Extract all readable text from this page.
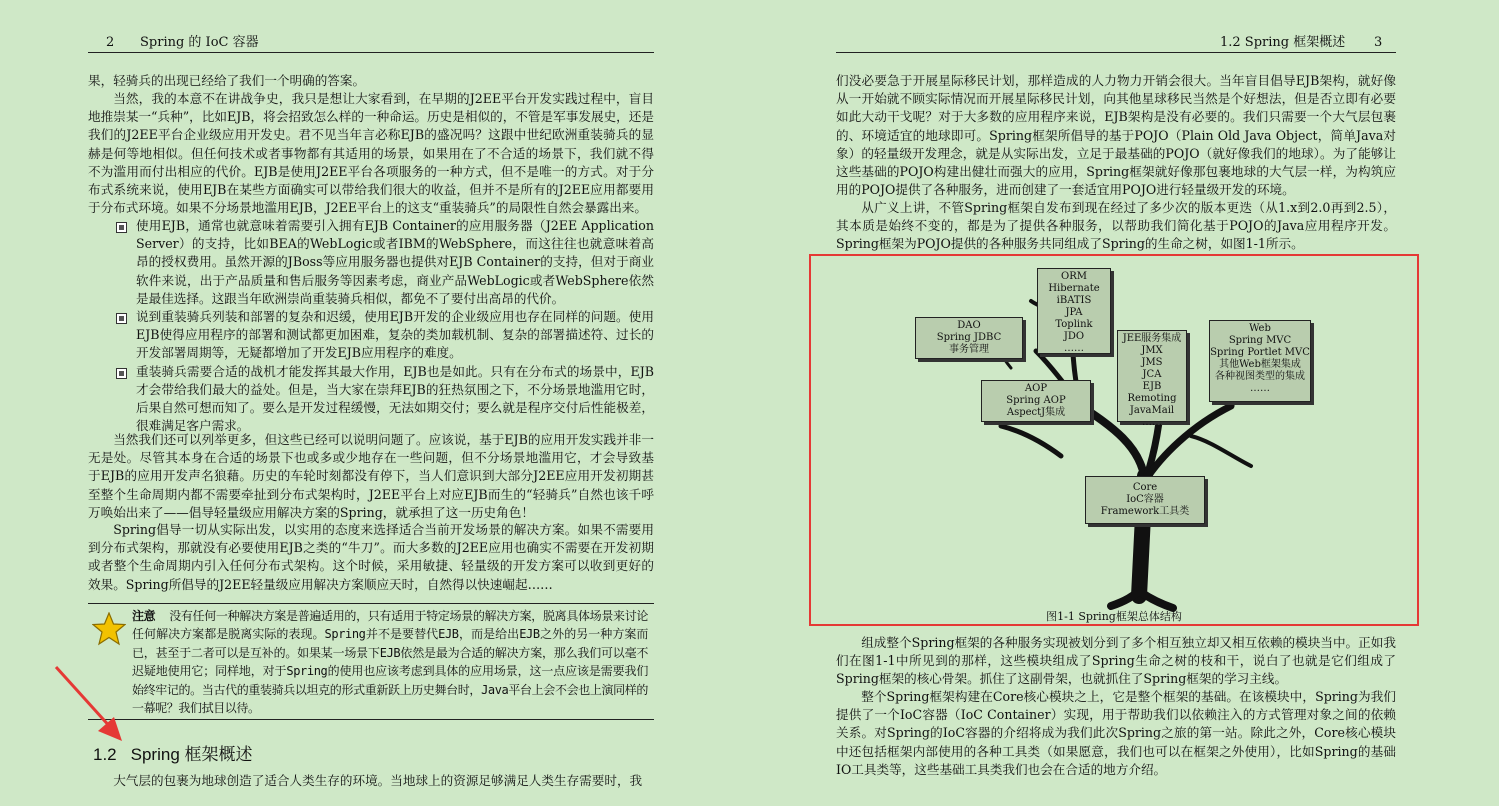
2 Spring 的 IoC 容器

果，轻骑兵的出现已经给了我们一个明确的答案。

当然，我的本意不在讲战争史，我只是想让大家看到，在早期的J2EE平台开发实践过程中，盲目地推崇某一“兵种”，比如EJB，将会招致怎么样的一种命运。历史是相似的，不管是军事发展史，还是我们的J2EE平台企业级应用开发史。君不见当年言必称EJB的盛况吗？这跟中世纪欧洲重装骑兵的显赫是何等地相似。但任何技术或者事物都有其适用的场景，如果用在了不合适的场景下，我们就不得不为滥用而付出相应的代价。EJB是使用J2EE平台各项服务的一种方式，但不是唯一的方式。对于分布式系统来说，使用EJB在某些方面确实可以带给我们很大的收益，但并不是所有的J2EE应用都要用于分布式环境。如果不分场景地滥用EJB，J2EE平台上的这支“重装骑兵”的局限性自然会暴露出来。

使用EJB，通常也就意味着需要引入拥有EJB Container的应用服务器（J2EE Application Server）的支持，比如BEA的WebLogic或者IBM的WebSphere，而这往往也就意味着高昂的授权费用。虽然开源的JBoss等应用服务器也提供对EJB Container的支持，但对于商业软件来说，出于产品质量和售后服务等因素考虑，商业产品WebLogic或者WebSphere依然是最佳选择。这跟当年欧洲崇尚重装骑兵相似，都免不了要付出高昂的代价。
说到重装骑兵列装和部署的复杂和迟缓，使用EJB开发的企业级应用也存在同样的问题。使用EJB使得应用程序的部署和测试都更加困难，复杂的类加载机制、复杂的部署描述符、过长的开发部署周期等，无疑都增加了开发EJB应用程序的难度。
重装骑兵需要合适的战机才能发挥其最大作用，EJB也是如此。只有在分布式的场景中，EJB才会带给我们最大的益处。但是，当大家在崇拜EJB的狂热氛围之下，不分场景地滥用它时，后果自然可想而知了。要么是开发过程缓慢，无法如期交付；要么就是程序交付后性能极差，很难满足客户需求。

当然我们还可以列举更多，但这些已经可以说明问题了。应该说，基于EJB的应用开发实践并非一无是处。尽管其本身在合适的场景下也或多或少地存在一些问题，但不分场景地滥用它，才会导致基于EJB的应用开发声名狼藉。历史的车轮时刻都没有停下，当人们意识到大部分J2EE应用开发初期甚至整个生命周期内都不需要牵扯到分布式架构时，J2EE平台上对应EJB而生的“轻骑兵”自然也该千呼万唤始出来了——倡导轻量级应用解决方案的Spring，就承担了这一历史角色！

Spring倡导一切从实际出发，以实用的态度来选择适合当前开发场景的解决方案。如果不需要用到分布式架构，那就没有必要使用EJB之类的“牛刀”。而大多数的J2EE应用也确实不需要在开发初期或者整个生命周期内引入任何分布式架构。这个时候，采用敏捷、轻量级的开发方案可以收到更好的效果。Spring所倡导的J2EE轻量级应用解决方案顺应天时，自然得以快速崛起……

注意 没有任何一种解决方案是普遍适用的，只有适用于特定场景的解决方案，脱离具体场景来讨论任何解决方案都是脱离实际的表现。Spring并不是要替代EJB，而是给出EJB之外的另一种方案而已，甚至于二者可以是互补的。如果某一场景下EJB依然是最为合适的解决方案，那么我们可以毫不迟疑地使用它；同样地，对于Spring的使用也应该考虑到具体的应用场景，这一点应该是需要我们始终牢记的。当古代的重装骑兵以坦克的形式重新跃上历史舞台时，Java平台上会不会也上演同样的一幕呢？我们拭目以待。
1.2 Spring 框架概述

大气层的包裹为地球创造了适合人类生存的环境。当地球上的资源足够满足人类生存需要时，我

1.2 Spring 框架概述 3

们没必要急于开展星际移民计划，那样造成的人力物力开销会很大。当年盲目倡导EJB架构，就好像从一开始就不顾实际情况而开展星际移民计划，向其他星球移民当然是个好想法，但是否立即有必要如此大动干戈呢？对于大多数的应用程序来说，EJB架构是没有必要的。我们只需要一个大气层包裹的、环境适宜的地球即可。Spring框架所倡导的基于POJO（Plain Old Java Object，简单Java对象）的轻量级开发理念，就是从实际出发，立足于最基础的POJO（就好像我们的地球）。为了能够让这些基础的POJO构建出健壮而强大的应用，Spring框架就好像那包裹地球的大气层一样，为构筑应用的POJO提供了各种服务，进而创建了一套适宜用POJO进行轻量级开发的环境。

从广义上讲，不管Spring框架自发布到现在经过了多少次的版本更迭（从1.x到2.0再到2.5），其本质是始终不变的，都是为了提供各种服务，以帮助我们简化基于POJO的Java应用程序开发。Spring框架为POJO提供的各种服务共同组成了Spring的生命之树，如图1-1所示。

DAO
Spring JDBC
事务管理
ORM
Hibernate
iBATIS
JPA
Toplink
JDO
……
JEE服务集成
JMX
JMS
JCA
EJB
Remoting
JavaMail
……
Web
Spring MVC
Spring Portlet MVC
其他Web框架集成
各种视图类型的集成
……
AOP
Spring AOP
AspectJ集成
Core
IoC容器
Framework工具类
图1-1 Spring框架总体结构

组成整个Spring框架的各种服务实现被划分到了多个相互独立却又相互依赖的模块当中。正如我们在图1-1中所见到的那样，这些模块组成了Spring生命之树的枝和干，说白了也就是它们组成了Spring框架的核心骨架。抓住了这副骨架，也就抓住了Spring框架的学习主线。

整个Spring框架构建在Core核心模块之上，它是整个框架的基础。在该模块中，Spring为我们提供了一个IoC容器（IoC Container）实现，用于帮助我们以依赖注入的方式管理对象之间的依赖关系。对Spring的IoC容器的介绍将成为我们此次Spring之旅的第一站。除此之外，Core核心模块中还包括框架内部使用的各种工具类（如果愿意，我们也可以在框架之外使用），比如Spring的基础IO工具类等，这些基础工具类我们也会在合适的地方介绍。
